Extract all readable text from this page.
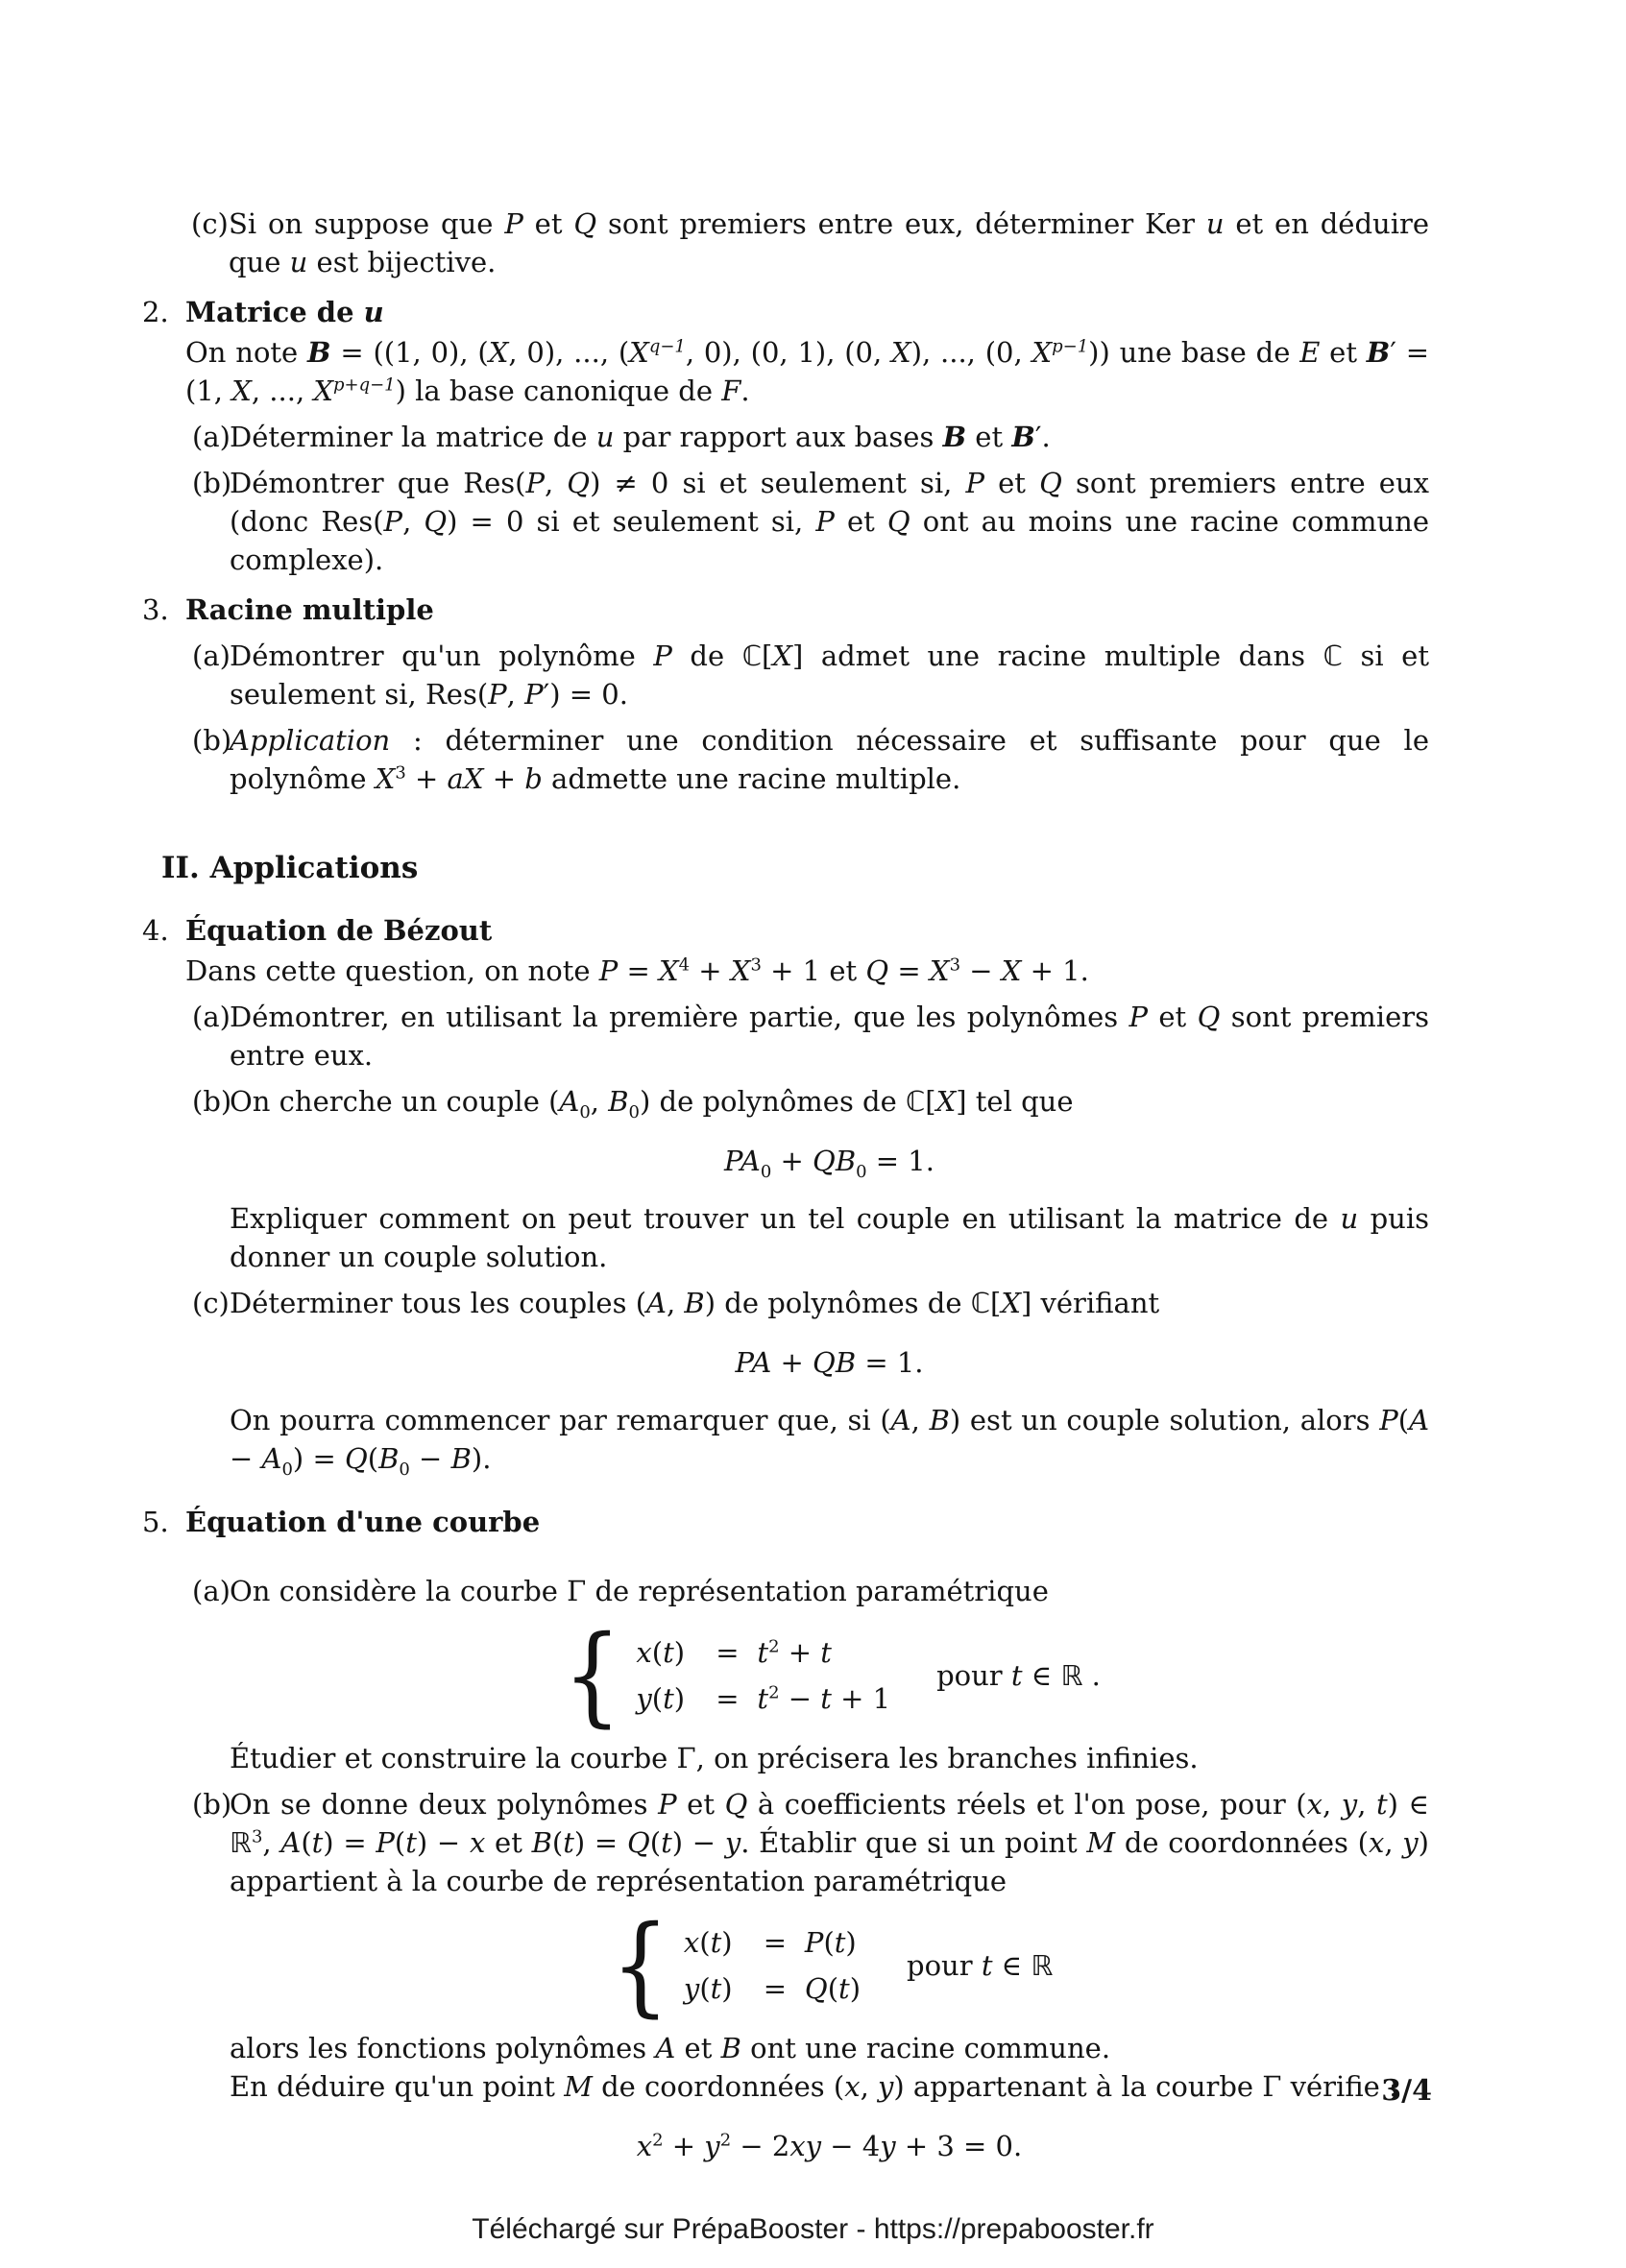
(c) Si on suppose que P et Q sont premiers entre eux, déterminer Ker u et en déduire que u est bijective.
2. Matrice de u
On note B = ((1, 0), (X, 0), ..., ($X^{q-1}$, 0), (0, 1), (0, X), ..., (0, $X^{p-1}$)) une base de E et B′ = (1, X, ..., $X^{p+q-1}$) la base canonique de F.
(a) Déterminer la matrice de u par rapport aux bases B et B′.
(b)
Démontrer que Res(P, Q) ≠ 0 si et seulement si, P et Q sont premiers entre eux (donc Res(P, Q) = 0 si et seulement si, P et Q ont au moins une racine commune complexe).
3. Racine multiple
(a) Démontrer qu'un polynôme P de ℂ[X] admet une racine multiple dans ℂ si et seulement si, Res(P, P′) = 0.
(b)
Application : déterminer une condition nécessaire et suffisante pour que le polynôme $X^3$ + aX + b admette une racine multiple.
II. Applications
4. Équation de Bézout
Dans cette question, on note $P = X^4 + X^3 + 1$ et $Q = X^3 - X + 1$.
(a) Démontrer, en utilisant la première partie, que les polynômes P et Q sont premiers entre eux.
(b)
On cherche un couple ($A_0$, $B_0$) de polynômes de ℂ[X] tel que
$PA_0 + QB_0 = 1$.
Expliquer comment on peut trouver un tel couple en utilisant la matrice de u puis donner un couple solution.
(c) Déterminer tous les couples (A, B) de polynômes de ℂ[X] vérifiant
PA + QB = 1.
On pourra commencer par remarquer que, si (A, B) est un couple solution, alors $P(A - A_0) = Q(B_0 - B)$.
5. Équation d'une courbe
(a) On considère la courbe Γ de représentation paramétrique
{ x(t)	= $t^2 + t$
y(t)	= $t^2 - t + 1$
pour t ∈ ℝ .
Étudier et construire la courbe Γ, on précisera les branches infinies.
(b)
On se donne deux polynômes P et Q à coefficients réels et l'on pose, pour (x, y, t) ∈ ℝ$^3$, A(t) = P(t) − x et B(t) = Q(t) − y. Établir que si un point M de coordonnées (x, y) appartient à la courbe de représentation paramétrique
{ x(t)	= P(t)
y(t)	= Q(t)
pour t ∈ ℝ
alors les fonctions polynômes A et B ont une racine commune.
En déduire qu'un point M de coordonnées (x, y) appartenant à la courbe Γ vérifie :
$x^2 + y^2 - 2xy - 4y + 3 = 0$.
3/4
Téléchargé sur PrépaBooster - https://prepabooster.fr
